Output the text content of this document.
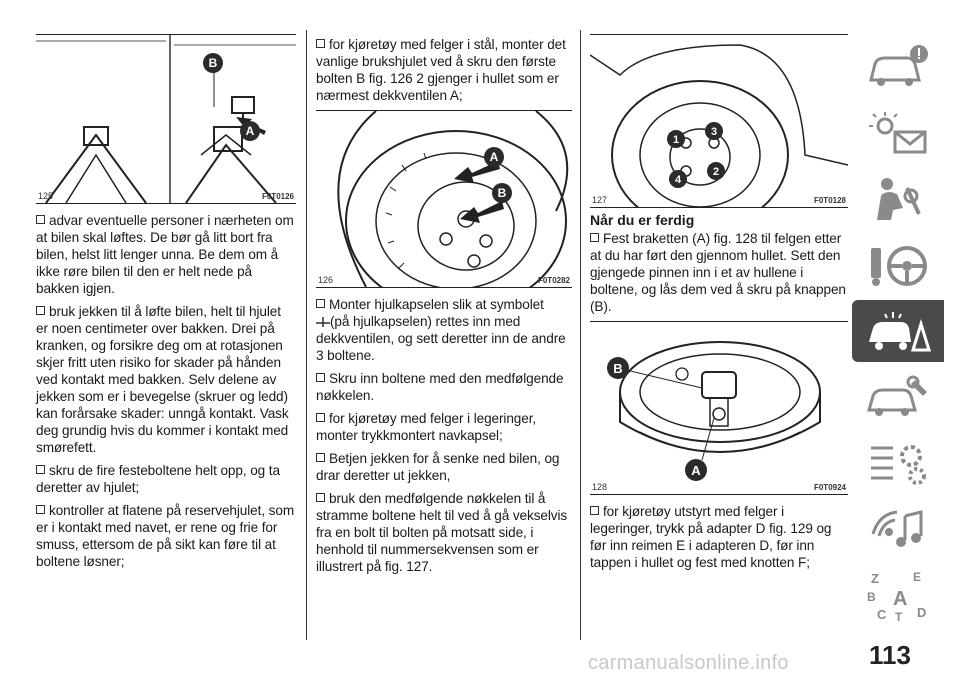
B
A
125	F0T0126

advar eventuelle personer i nærheten om at bilen skal løftes. De bør gå litt bort fra bilen, helst litt lenger unna. Be dem om å ikke røre bilen til den er helt nede på bakken igjen.

bruk jekken til å løfte bilen, helt til hjulet er noen centimeter over bakken. Drei på kranken, og forsikre deg om at rotasjonen skjer fritt uten risiko for skader på hånden ved kontakt med bakken. Selv delene av jekken som er i bevegelse (skruer og ledd) kan forårsake skader: unngå kontakt. Vask deg grundig hvis du kommer i kontakt med smørefett.

skru de fire festeboltene helt opp, og ta deretter av hjulet;

kontroller at flatene på reservehjulet, som er i kontakt med navet, er rene og frie for smuss, ettersom de på sikt kan føre til at boltene løsner;

for kjøretøy med felger i stål, monter det vanlige brukshjulet ved å skru den første bolten B fig. 126 2 gjenger i hullet som er nærmest dekkventilen A;

A
B
126	F0T0282

Monter hjulkapselen slik at symbolet
(på hjulkapselen) rettes inn med dekkventilen, og sett deretter inn de andre 3 boltene.

Skru inn boltene med den medfølgende nøkkelen.

for kjøretøy med felger i legeringer, monter trykkmontert navkapsel;

Betjen jekken for å senke ned bilen, og drar deretter ut jekken,

bruk den medfølgende nøkkelen til å stramme boltene helt til ved å gå vekselvis fra en bolt til bolten på motsatt side, i henhold til nummersekvensen som er illustrert på fig. 127.

1
3
4
2
127	F0T0128
Når du er ferdig

Fest braketten (A) fig. 128 til felgen etter at du har ført den gjennom hullet. Sett den gjengede pinnen inn i et av hullene i boltene, og lås dem ved å skru på knappen (B).

B
A
128	F0T0924

for kjøretøy utstyrt med felger i legeringer, trykk på adapter D fig. 129 og før inn reimen E i adapteren D, før inn tappen i hullet og fest med knotten F;

Z	E
B A
C T D
113
carmanualsonline.info
